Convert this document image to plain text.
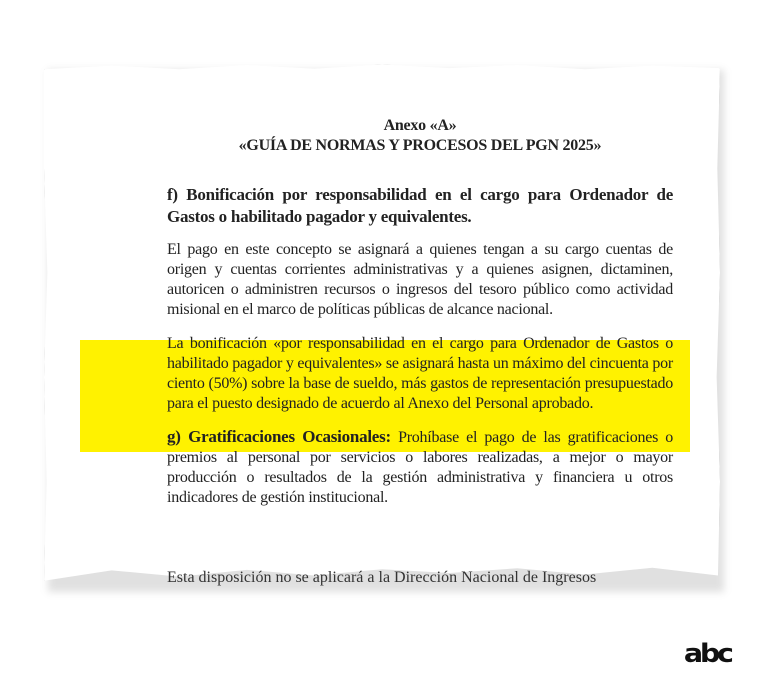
Anexo «A»
«GUÍA DE NORMAS Y PROCESOS DEL PGN 2025»
f) Bonificación por responsabilidad en el cargo para Ordenador de Gastos o habilitado pagador y equivalentes.

El pago en este concepto se asignará a quienes tengan a su cargo cuentas de origen y cuentas corrientes administrativas y a quienes asignen, dictaminen, autoricen o administren recursos o ingresos del tesoro público como actividad misional en el marco de políticas públicas de alcance nacional.

La bonificación «por responsabilidad en el cargo para Ordenador de Gastos o habilitado pagador y equivalentes» se asignará hasta un máximo del cincuenta por ciento (50%) sobre la base de sueldo, más gastos de representación presupuestado para el puesto designado de acuerdo al Anexo del Personal aprobado.

g) Gratificaciones Ocasionales: Prohíbase el pago de las gratificaciones o premios al personal por servicios o labores realizadas, a mejor o mayor producción o resultados de la gestión administrativa y financiera u otros indicadores de gestión institucional.

Esta disposición no se aplicará a la Dirección Nacional de Ingresos
abc
